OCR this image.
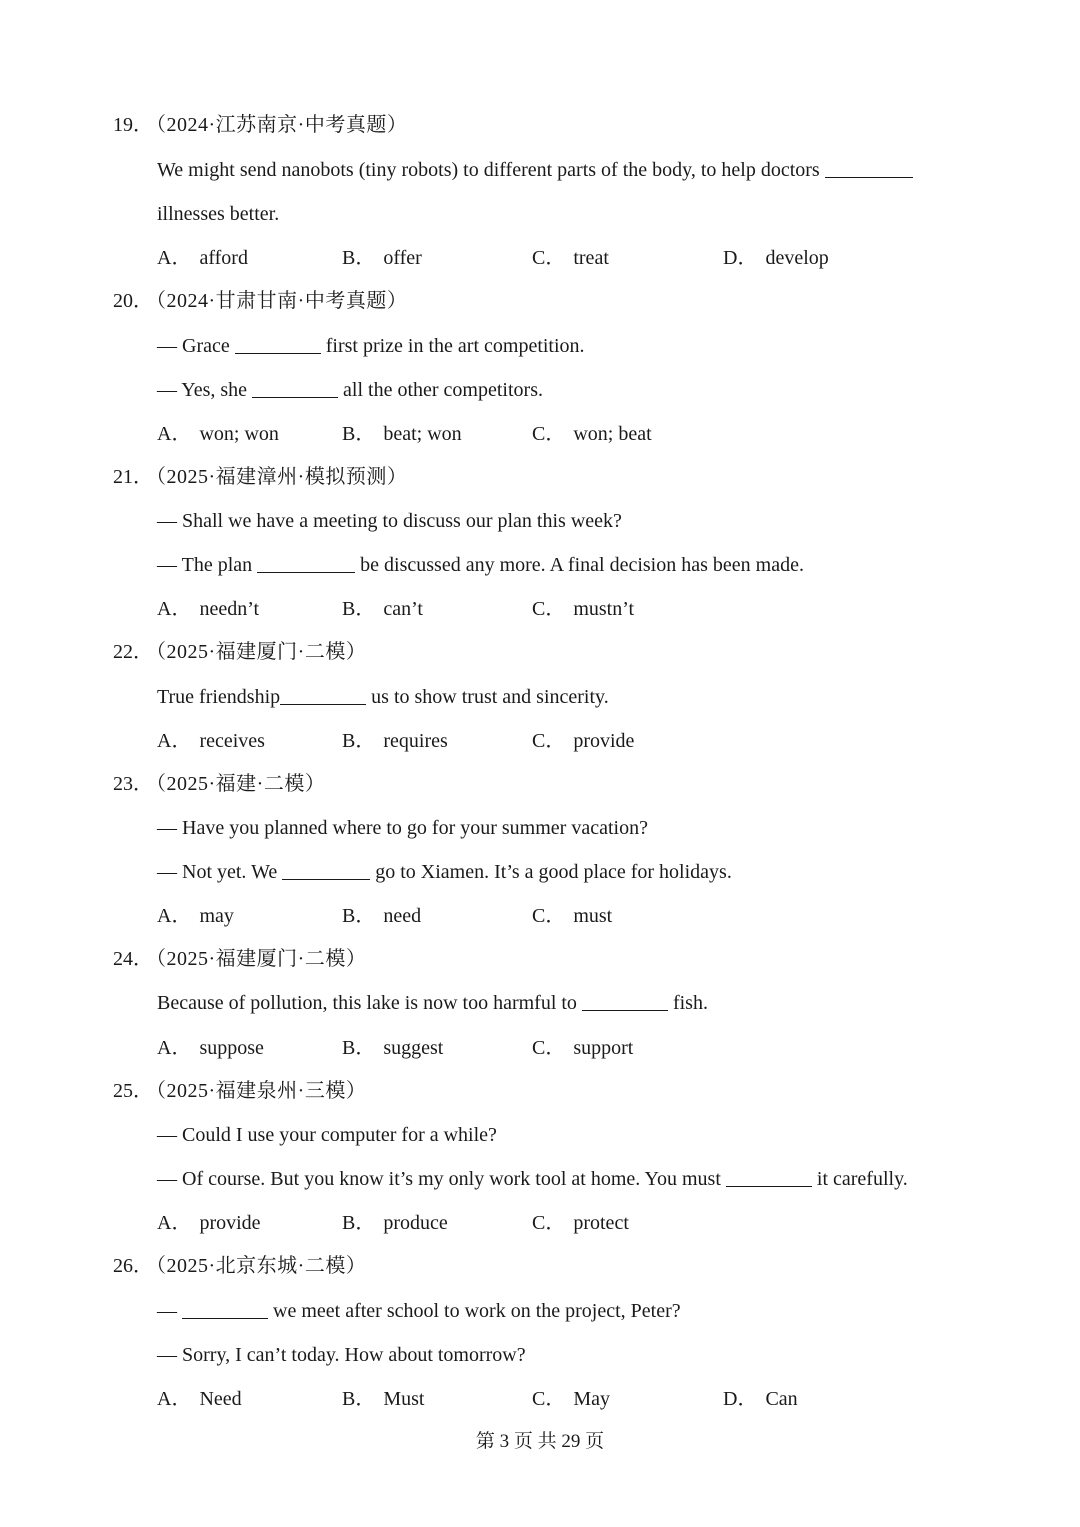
19．
（2024·江苏南京·中考真题）
We might send nanobots (tiny robots) to different parts of the body, to help doctors
illnesses better.
A． afford	B． offer	C． treat	D． develop
20．
（2024·甘肃甘南·中考真题）
— Grace	first prize in the art competition.
— Yes, she	all the other competitors.
A． won; won	B． beat; won	C． won; beat
21．
（2025·福建漳州·模拟预测）
— Shall we have a meeting to discuss our plan this week?
— The plan	be discussed any more. A final decision has been made.
A． needn’t	B． can’t	C． mustn’t
22．
（2025·福建厦门·二模）
True friendship	us to show trust and sincerity.
A． receives	B． requires	C． provide
23．
（2025·福建·二模）
— Have you planned where to go for your summer vacation?
— Not yet. We	go to Xiamen. It’s a good place for holidays.
A． may	B． need	C． must
24．
（2025·福建厦门·二模）
Because of pollution, this lake is now too harmful to	fish.
A． suppose	B． suggest	C． support
25．
（2025·福建泉州·三模）
— Could I use your computer for a while?
— Of course. But you know it’s my only work tool at home. You must	it carefully.
A． provide	B． produce	C． protect
26．
（2025·北京东城·二模）
—	we meet after school to work on the project, Peter?
— Sorry, I can’t today. How about tomorrow?
A． Need	B． Must	C． May	D． Can
第 3 页 共 29 页
